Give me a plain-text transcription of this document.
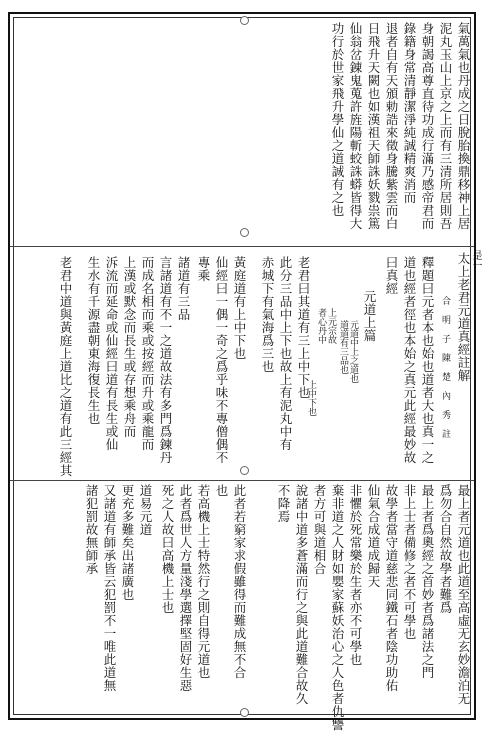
是一
氣萬氣也丹成之日脫胎換鼎移神上居
泥丸玉山上京之上而有三清所居則吾
身朝謁高尊直待功成行滿乃感帝君而
錄籍身常清靜潔淨純誠精爽消而
退者自有天頒勅誥來徵身騰紫雲而白
日飛升天闕也如漢祖天師誅妖戮祟篤
仙翁岔錬鬼蒐許旌陽斬蛟誅蟒皆得大
功行於世家飛升學仙之道誠有之也
太上老君元道真經註解
合 明 子 陳 楚 內 秀 註
釋題曰元者本也始也道者大也真一之
道也經者徑也本始之真元此經最妙故
曰真經
元道上篇
元道中上之道也
道道有三品也
上元宗故
者心丹中
老君曰其道有三上中下也
此分三品中上下也故上有泥丸中有
赤城下有氣海爲三也
黃庭道有上中下也
仙經曰一偶一奇之爲乎味不專僧偶不
專乘
諸道有三品
言諸道有不一之道故法有多門爲鍊丹
而成名相而乘或按經而升或乘龍而
上漢或默念而長生或存想乘舟而
泝流而延命或仙經曰道有長生或仙
生水有千源盡朝東海復長生也
老君中道與黃庭上道比之道有此三經其
最上者元道也此道至高虛无玄妙澹泊无
爲勿合自然故學者難爲
最上者爲奧經之首妙者爲諸法之門
非上士者備修之者不可學也
故學者當守道慈悲同鐵石者陰功助佑
仙氣合成道成歸天
非懼於死常樂於生者亦不可學也
棄非道之人財如嬰家蘇妖治心之人色者仇讐
者方可與道相合
說諸中道多蒼滿而行之與此道難合故久
不降焉
此者若窮家求假雖得而難成無不合
也
若高機上士特然行之則自得元道也
此者爲世人方量淺學選擇堅固好生惡
死之人故曰高機上士也
道易元道
更充多難矣出諸廣也
又諸道有師承皆云犯罰不一唯此道無
諸犯罰故無師承
上中下也
